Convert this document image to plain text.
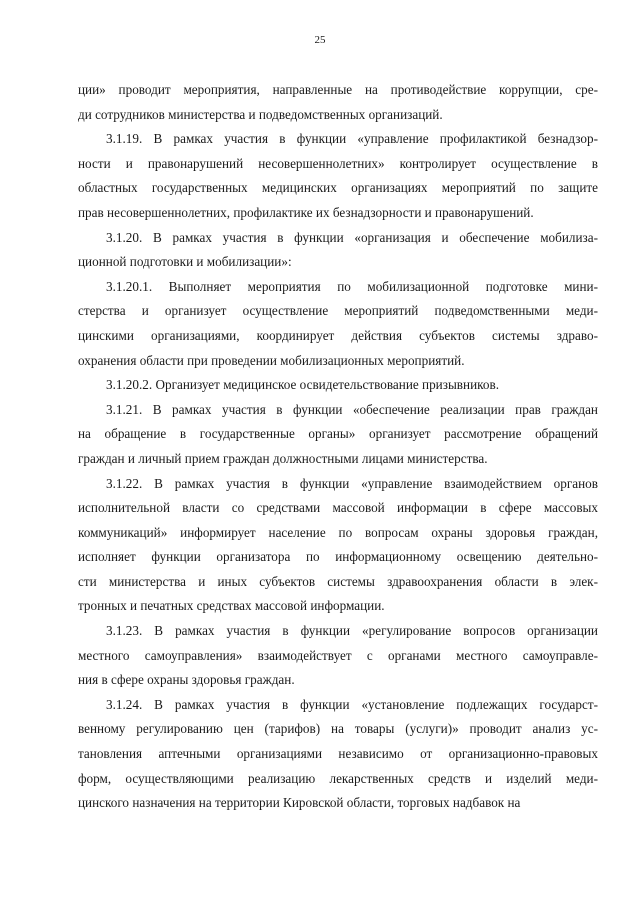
25
ции» проводит мероприятия, направленные на противодействие коррупции, сре-
ди сотрудников министерства и подведомственных организаций.
3.1.19. В рамках участия в функции «управление профилактикой безнадзор-
ности и правонарушений несовершеннолетних» контролирует осуществление в
областных государственных медицинских организациях мероприятий по защите
прав несовершеннолетних, профилактике их безнадзорности и правонарушений.
3.1.20. В рамках участия в функции «организация и обеспечение мобилиза-
ционной подготовки и мобилизации»:
3.1.20.1. Выполняет мероприятия по мобилизационной подготовке мини-
стерства и организует осуществление мероприятий подведомственными меди-
цинскими организациями, координирует действия субъектов системы здраво-
охранения области при проведении мобилизационных мероприятий.
3.1.20.2. Организует медицинское освидетельствование призывников.
3.1.21. В рамках участия в функции «обеспечение реализации прав граждан
на обращение в государственные органы» организует рассмотрение обращений
граждан и личный прием граждан должностными лицами министерства.
3.1.22. В рамках участия в функции «управление взаимодействием органов
исполнительной власти со средствами массовой информации в сфере массовых
коммуникаций» информирует население по вопросам охраны здоровья граждан,
исполняет функции организатора по информационному освещению деятельно-
сти министерства и иных субъектов системы здравоохранения области в элек-
тронных и печатных средствах массовой информации.
3.1.23. В рамках участия в функции «регулирование вопросов организации
местного самоуправления» взаимодействует с органами местного самоуправле-
ния в сфере охраны здоровья граждан.
3.1.24. В рамках участия в функции «установление подлежащих государст-
венному регулированию цен (тарифов) на товары (услуги)» проводит анализ ус-
тановления аптечными организациями независимо от организационно-правовых
форм, осуществляющими реализацию лекарственных средств и изделий меди-
цинского назначения на территории Кировской области, торговых надбавок на
